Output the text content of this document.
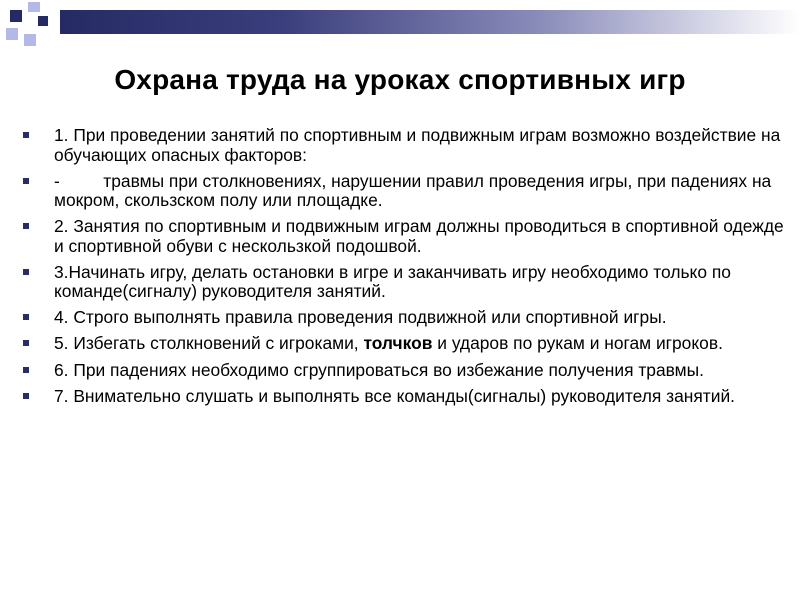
Охрана труда на уроках спортивных игр
1. При проведении занятий по спортивным и подвижным играм возможно воздействие на обучающих опасных факторов:
-         травмы при столкновениях, нарушении правил проведения игры, при падениях на мокром, скользском полу или площадке.
2. Занятия по спортивным и подвижным играм должны проводиться в спортивной одежде и спортивной обуви с нескользкой подошвой.
3.Начинать игру, делать остановки в игре и заканчивать игру необходимо только по команде(сигналу) руководителя занятий.
4. Строго выполнять правила проведения подвижной или спортивной игры.
5. Избегать столкновений с игроками, толчков и ударов по рукам и ногам игроков.
6. При падениях необходимо сгруппироваться во избежание получения травмы.
7. Внимательно слушать и выполнять все команды(сигналы) руководителя занятий.
